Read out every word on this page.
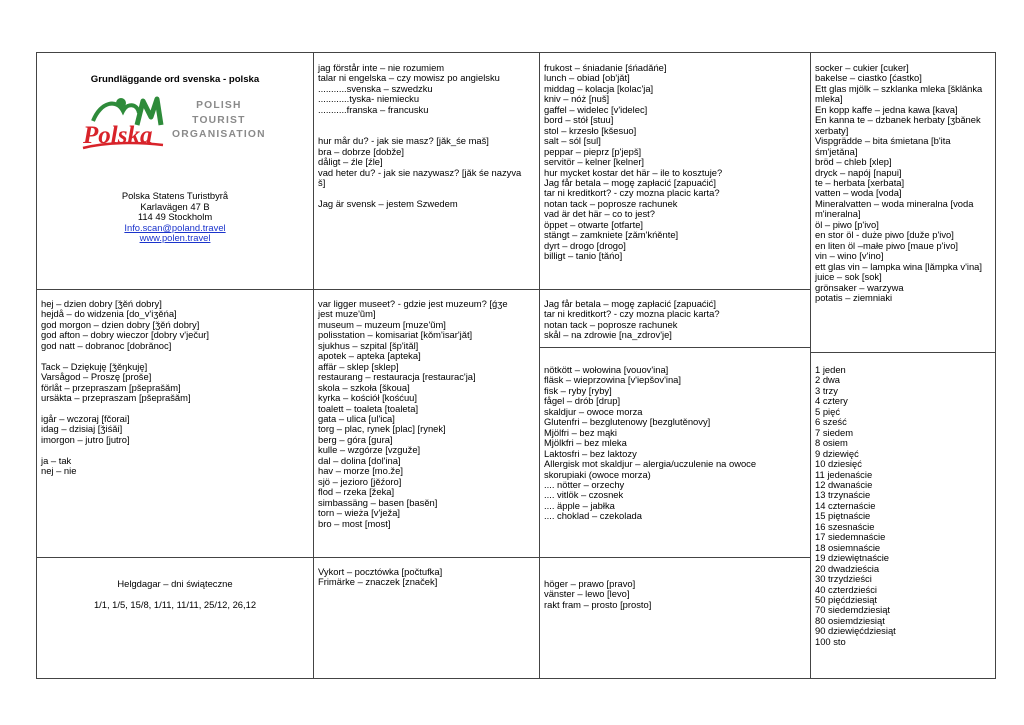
Grundläggande ord svenska - polska
Polska
POLISH
TOURIST
ORGANISATION
Polska Statens Turistbyrå
Karlavägen 47 B
114 49 Stockholm
Info.scan@poland.travel
www.polen.travel
hej – dzien dobry [ʒ̆ěń dobry]
hejdå – do widzenia [do_v'iʒěńa]
god morgon – dzien dobry [ʒ̆ěń dobry]
god afton – dobry wieczor [dobry v'ječur]
god natt – dobranoc [dobrǎnoc]
Tack – Dziękuję [ʒ̆ěŋkuję]
Varsågod – Proszę [proše]
förlåt – przepraszam [pšeprašǎm]
ursäkta – przepraszam [pšeprašǎm]
igår – wczoraj [fčorai]
idag – dzisiaj [ʒ̆iśǎi]
imorgon – jutro [jutro]
ja – tak
nej – nie
Helgdagar – dni świąteczne
1/1, 1/5, 15/8, 1/11, 11/11, 25/12, 26,12
jag förstår inte – nie rozumiem
talar ni engelska – czy mowisz po angielsku
...........svenska – szwedzku
............tyska- niemiecku
...........franska – francusku
hur mår du? - jak sie masz? [jǎk_śe maš]
bra – dobrze [dobže]
dåligt – źle [źle]
vad heter du? - jak sie nazywasz? [jǎk śe nazyva
š]
Jag är svensk – jestem Szwedem
var ligger museet? - gdzie jest muzeum? [ǵʒe
jest muze'ũm]
museum – muzeum [muze'ũm]
polisstation – komisariat [kǒm'isar'jǎt]
sjukhus – szpital [šp'itǎl]
apotek – apteka [apteka]
affär – sklep [sklep]
restaurang – restauracja [restaurac'ja]
skola – szkoła [škoua]
kyrka – kościół [kośćuu]
toalett – toaleta [toaleta]
gata – ulica [ul'ica]
torg – plac, rynek [plac] [rynek]
berg – góra [gura]
kulle – wzgórze [vzguže]
dal – dolina [dol'ina]
hav – morze [mo.že]
sjö – jezioro [jěźoro]
flod – rzeka [žeka]
simbassäng – basen [basěn]
torn – wieża [v'ježa]
bro – most [most]
Vykort – pocztówka [počtufka]
Frimärke – znaczek [značek]
frukost – śniadanie [śńadǎńe]
lunch – obiad [ob'jǎt]
middag – kolacja [kolac'ja]
kniv – nóż [nuš]
gaffel – widelec [v'idelec]
bord – stół [stuu]
stol – krzesło [kšesuo]
salt – sól [sul]
peppar – pieprz [p'jepš]
servitör – kelner [kelner]
hur mycket kostar det här – ile to kosztuje?
Jag får betala – mogę zapłacić [zapuaćić]
tar ni kreditkort? - czy mozna placic karta?
notan tack – poprosze rachunek
vad är det här – co to jest?
öppet – otwarte [otfarte]
stängt – zamkniete [zǎm'kńěnte]
dyrt – drogo [drogo]
billigt – tanio [tǎńo]
Jag får betala – mogę zapłacić [zapuaćić]
tar ni kreditkort? - czy mozna placic karta?
notan tack – poprosze rachunek
skål – na zdrowie [na_zdrov'je]
nötkött – wołowina [vouov'ina]
fläsk – wieprzowina [v'iepšov'ina]
fisk – ryby [ryby]
fågel – drób [drup]
skaldjur – owoce morza
Glutenfri – bezglutenowy [bezglutěnovy]
Mjölfri – bez mąki
Mjölkfri – bez mleka
Laktosfri – bez laktozy
Allergisk mot skaldjur – alergia/uczulenie na owoce
skorupiaki (owoce morza)
.... nötter – orzechy
.... vitlök – czosnek
.... äpple – jabłka
.... choklad – czekolada
höger – prawo [pravo]
vänster – lewo [levo]
rakt fram – prosto [prosto]
socker – cukier [cuker]
bakelse – ciastko [ćastko]
Ett glas mjölk – szklanka mleka [šklǎnka
mleka]
En kopp kaffe – jedna kawa [kava]
En kanna te – dzbanek herbaty [ʒbǎnek
xerbaty]
Vispgrädde – bita śmietana [b'ita
śm'jetǎna]
bröd – chleb [xlep]
dryck – napój [napui]
te – herbata [xerbata]
vatten – woda [voda]
Mineralvatten – woda mineralna [voda
m'ineralna]
öl – piwo [p'ivo]
en stor öl - duże piwo [duže p'ivo]
en liten öl –małe piwo [maue p'ivo]
vin – wino [v'ino]
ett glas vin – lampka wina [lǎmpka v'ina]
juice – sok [sok]
grönsaker – warzywa
potatis – ziemniaki
1 jeden
2 dwa
3 trzy
4 cztery
5 pięć
6 sześć
7 siedem
8 osiem
9 dziewięć
10 dziesięć
11 jedenaście
12 dwanaście
13 trzynaście
14 czternaście
15 piętnaście
16 szesnaście
17 siedemnaście
18 osiemnaście
19 dziewiętnaście
20 dwadzieścia
30 trzydzieści
40 czterdzieści
50 pięćdziesiąt
70 siedemdziesiąt
80 osiemdziesiąt
90 dziewięćdziesiąt
100 sto
